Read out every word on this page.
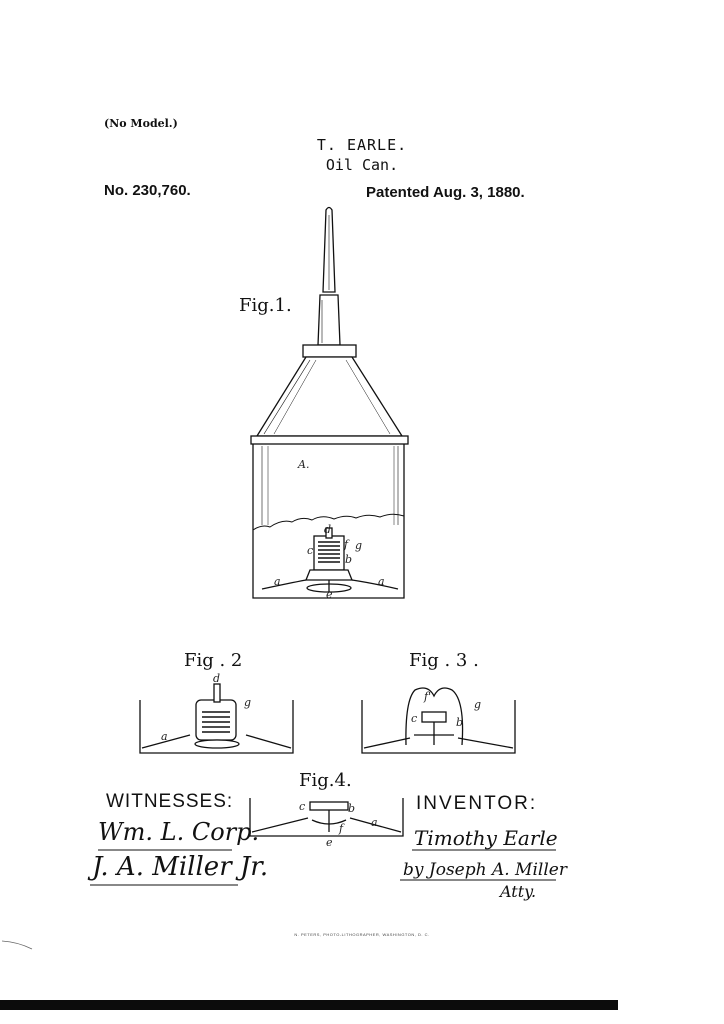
(No Model.)
T. EARLE.
Oil Can.
No. 230,760.	Patented Aug. 3, 1880.
Fig.1.
Fig . 2	Fig . 3 .
Fig.4.
A.
d
f g
b
c
a	a
e
d
g
a
f'
g
c	b
c	b
f	a
e
WITNESSES:	INVENTOR:
Wm. L. Corp.
J. A. Miller Jr.
Timothy Earle
by Joseph A. Miller
Atty.
N. PETERS, PHOTO-LITHOGRAPHER, WASHINGTON, D. C.
